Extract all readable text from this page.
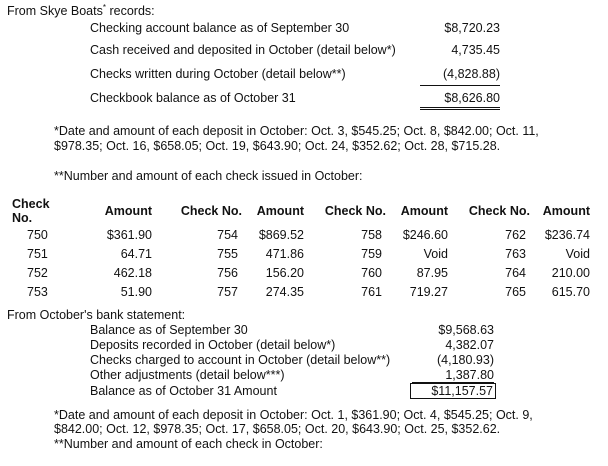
From Skye Boats* records:
Checking account balance as of September 30	$8,720.23
Cash received and deposited in October (detail below*)	4,735.45
Checks written during October (detail below**)	(4,828.88)
Checkbook balance as of October 31	$8,626.80
*Date and amount of each deposit in October: Oct. 3, $545.25; Oct. 8, $842.00; Oct. 11, $978.35; Oct. 16, $658.05; Oct. 19, $643.90; Oct. 24, $352.62; Oct. 28, $715.28.
**Number and amount of each check issued in October:
Check No.	Amount	Check No.	Amount	Check No.	Amount	Check No.	Amount
750	$361.90	754	$869.52	758	$246.60	762	$236.74
751	64.71	755	471.86	759	Void	763	Void
752	462.18	756	156.20	760	87.95	764	210.00
753	51.90	757	274.35	761	719.27	765	615.70
From October's bank statement:
Balance as of September 30	$9,568.63
Deposits recorded in October (detail below*)	4,382.07
Checks charged to account in October (detail below**)	(4,180.93)
Other adjustments (detail below***)	1,387.80
Balance as of October 31 Amount	$11,157.57
*Date and amount of each deposit in October: Oct. 1, $361.90; Oct. 4, $545.25; Oct. 9, $842.00; Oct. 12, $978.35; Oct. 17, $658.05; Oct. 20, $643.90; Oct. 25, $352.62.
**Number and amount of each check in October:
